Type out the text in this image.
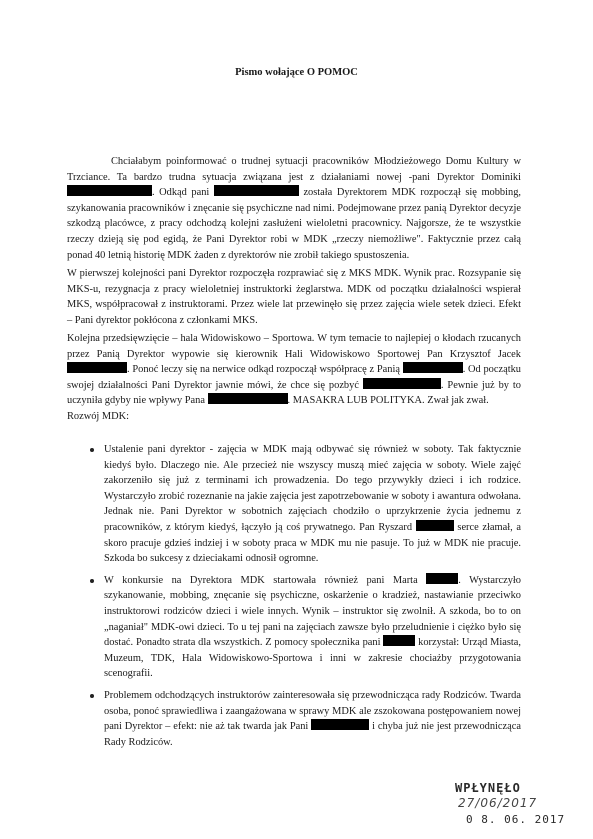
Pismo wołające O POMOC
Chciałabym poinformować o trudnej sytuacji pracowników Młodzieżowego Domu Kultury w Trzciance. Ta bardzo trudna sytuacja związana jest z działaniami nowej -pani Dyrektor Dominiki . Odkąd pani	została Dyrektorem MDK rozpoczął się mobbing, szykanowania pracowników i znęcanie się psychiczne nad nimi. Podejmowane przez panią Dyrektor decyzje szkodzą placówce, z pracy odchodzą kolejni zasłużeni wieloletni pracownicy. Najgorsze, że te wszystkie rzeczy dzieją się pod egidą, że Pani Dyrektor robi w MDK „rzeczy niemożliwe". Faktycznie przez całą ponad 40 letnią historię MDK żaden z dyrektorów nie zrobił takiego spustoszenia.
W pierwszej kolejności pani Dyrektor rozpoczęła rozprawiać się z MKS MDK. Wynik prac. Rozsypanie się MKS-u, rezygnacja z pracy wieloletniej instruktorki żeglarstwa. MDK od początku działalności wspierał MKS, współpracował z instruktorami. Przez wiele lat przewinęło się przez zajęcia wiele setek dzieci. Efekt – Pani dyrektor pokłócona z członkami MKS.
Kolejna przedsięwzięcie – hala Widowiskowo – Sportowa. W tym temacie to najlepiej o kłodach rzucanych przez Panią Dyrektor wypowie się kierownik Hali Widowiskowo Sportowej Pan Krzysztof Jacek . Ponoć leczy się na nerwice odkąd rozpoczął współpracę z Panią	. Od początku swojej działalności Pani Dyrektor jawnie mówi, że chce się pozbyć	. Pewnie już by to uczyniła gdyby nie wpływy Pana	. MASAKRA LUB POLITYKA. Zwał jak zwał.
Rozwój MDK:
Ustalenie pani dyrektor - zajęcia w MDK mają odbywać się również w soboty. Tak faktycznie kiedyś było. Dlaczego nie. Ale przecież nie wszyscy muszą mieć zajęcia w soboty. Wiele zajęć zakorzeniło się już z terminami ich prowadzenia. Do tego przywykły dzieci i ich rodzice. Wystarczyło zrobić rozeznanie na jakie zajęcia jest zapotrzebowanie w soboty i awantura odwołana. Jednak nie. Pani Dyrektor w sobotnich zajęciach chodziło o uprzykrzenie życia jednemu z pracowników, z którym kiedyś, łączyło ją coś prywatnego. Pan Ryszard	serce złamał, a skoro pracuje gdzieś indziej i w soboty praca w MDK mu nie pasuje. To już w MDK nie pracuje. Szkoda bo sukcesy z dzieciakami odnosił ogromne.
W konkursie na Dyrektora MDK startowała również pani Marta	. Wystarczyło szykanowanie, mobbing, znęcanie się psychiczne, oskarżenie o kradzież, nastawianie przeciwko instruktorowi rodziców dzieci i wiele innych. Wynik – instruktor się zwolnił. A szkoda, bo to on „naganiał" MDK-owi dzieci. To u tej pani na zajęciach zawsze było przeludnienie i ciężko było się dostać. Ponadto strata dla wszystkich. Z pomocy społecznika pani	korzystał: Urząd Miasta, Muzeum, TDK, Hala Widowiskowo-Sportowa i inni w zakresie chociażby przygotowania scenografii.
Problemem odchodzących instruktorów zainteresowała się przewodnicząca rady Rodziców. Twarda osoba, ponoć sprawiedliwa i zaangażowana w sprawy MDK ale zszokowana postępowaniem nowej pani Dyrektor – efekt: nie aż tak twarda jak Pani	i chyba już nie jest przewodnicząca Rady Rodziców.
WPŁYNĘŁO
27/06/2017
0 8. 06. 2017
